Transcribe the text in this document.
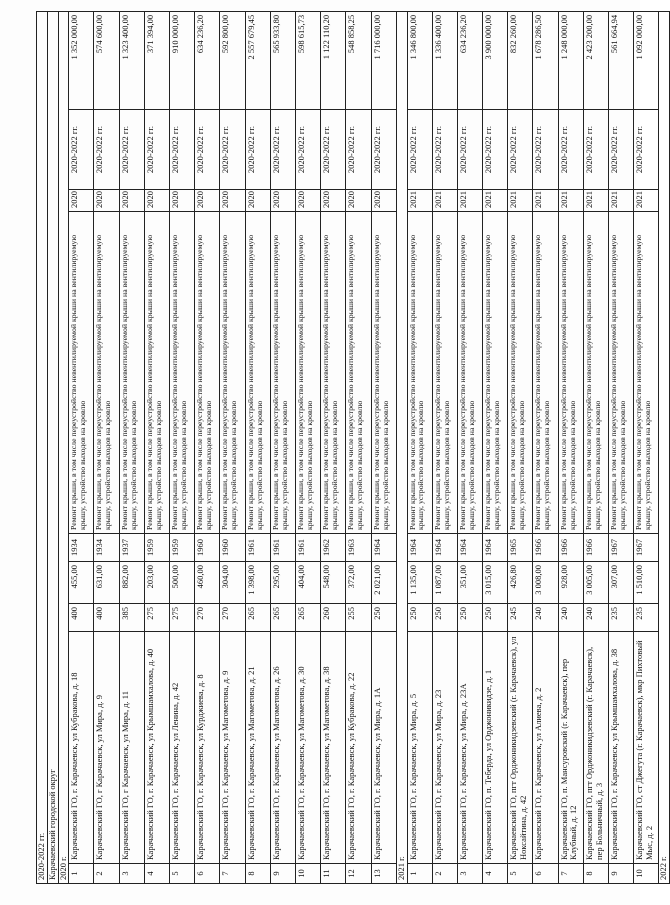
2020-2022 гг.								
Карачаевский городской округ								
2020 г.								
1	Карачаевский ГО, г. Карачаевск, ул Кубракова, д. 18	400	455,00	1934	Ремонт крыши, в том числе переустройство невентилируемой крыши на вентилируемую крышу, устройство выходов на кровлю	2020	2020-2022 гг.	1 352 000,00
2	Карачаевский ГО, г Карачаевск, ул Мира, д. 9	400	631,00	1934	Ремонт крыши, в том числе переустройство невентилируемой крыши на вентилируемую крышу, устройство выходов на кровлю	2020	2020-2022 гг.	574 600,00
3	Карачаевский ГО, г Карачаевск, ул Мира, д. 11	385	882,00	1937	Ремонт крыши, в том числе переустройство невентилируемой крыши на вентилируемую крышу, устройство выходов на кровлю	2020	2020-2022 гг.	1 323 400,00
4	Карачаевский ГО, г. Карачаевск, ул Крымшамхалова, д. 40	275	203,00	1959	Ремонт крыши, в том числе переустройство невентилируемой крыши на вентилируемую крышу, устройство выходов на кровлю	2020	2020-2022 гг.	371 394,00
5	Карачаевский ГО, г. Карачаевск, ул Ленина, д. 42	275	500,00	1959	Ремонт крыши, в том числе переустройство невентилируемой крыши на вентилируемую крышу, устройство выходов на кровлю	2020	2020-2022 гг.	910 000,00
6	Карачаевский ГО, г. Карачаевск, ул Курджиева, д. 8	270	460,00	1960	Ремонт крыши, в том числе переустройство невентилируемой крыши на вентилируемую крышу, устройство выходов на кровлю	2020	2020-2022 гг.	634 236,20
7	Карачаевский ГО, г. Карачаевск, ул Магометова, д. 9	270	304,00	1960	Ремонт крыши, в том числе переустройство невентилируемой крыши на вентилируемую крышу, устройство выходов на кровлю	2020	2020-2022 гг.	592 800,00
8	Карачаевский ГО, г. Карачаевск, ул Магометова, д. 21	265	1 398,00	1961	Ремонт крыши, в том числе переустройство невентилируемой крыши на вентилируемую крышу, устройство выходов на кровлю	2020	2020-2022 гг.	2 557 679,45
9	Карачаевский ГО, г. Карачаевск, ул Магометова, д. 26	265	295,00	1961	Ремонт крыши, в том числе переустройство невентилируемой крыши на вентилируемую крышу, устройство выходов на кровлю	2020	2020-2022 гг.	565 933,80
10	Карачаевский ГО, г. Карачаевск, ул Магометова, д. 30	265	404,00	1961	Ремонт крыши, в том числе переустройство невентилируемой крыши на вентилируемую крышу, устройство выходов на кровлю	2020	2020-2022 гг.	598 615,73
11	Карачаевский ГО, г. Карачаевск, ул Магометова, д. 38	260	548,00	1962	Ремонт крыши, в том числе переустройство невентилируемой крыши на вентилируемую крышу, устройство выходов на кровлю	2020	2020-2022 гг.	1 122 110,20
12	Карачаевский ГО, г. Карачаевск, ул Кубракова, д. 22	255	372,00	1963	Ремонт крыши, в том числе переустройство невентилируемой крыши на вентилируемую крышу, устройство выходов на кровлю	2020	2020-2022 гг.	548 858,25
13	Карачаевский ГО, г. Карачаевск, ул Мира, д. 1А	250	2 021,00	1964	Ремонт крыши, в том числе переустройство невентилируемой крыши на вентилируемую крышу, устройство выходов на кровлю	2020	2020-2022 гг.	1 716 000,00
2021 г.								
1	Карачаевский ГО, г. Карачаевск, ул Мира, д. 5	250	1 135,00	1964	Ремонт крыши, в том числе переустройство невентилируемой крыши на вентилируемую крышу, устройство выходов на кровлю	2021	2020-2022 гг.	1 346 800,00
2	Карачаевский ГО, г. Карачаевск, ул Мира, д. 23	250	1 087,00	1964	Ремонт крыши, в том числе переустройство невентилируемой крыши на вентилируемую крышу, устройство выходов на кровлю	2021	2020-2022 гг.	1 336 400,00
3	Карачаевский ГО, г. Карачаевск, ул Мира, д. 23А	250	351,00	1964	Ремонт крыши, в том числе переустройство невентилируемой крыши на вентилируемую крышу, устройство выходов на кровлю	2021	2020-2022 гг.	634 236,20
4	Карачаевский ГО, п. Теберда, ул Орджоникидзе, д. 1	250	3 015,00	1964	Ремонт крыши, в том числе переустройство невентилируемой крыши на вентилируемую крышу, устройство выходов на кровлю	2021	2020-2022 гг.	3 900 000,00
5	Карачаевский ГО, пгт Орджоникидзевский (г. Карачаевск), ул Ноксайтина, д. 42	245	426,80	1965	Ремонт крыши, в том числе переустройство невентилируемой крыши на вентилируемую крышу, устройство выходов на кровлю	2021	2020-2022 гг.	832 260,00
6	Карачаевский ГО, г. Карачаевск, ул Алиева, д. 2	240	3 008,00	1966	Ремонт крыши, в том числе переустройство невентилируемой крыши на вентилируемую крышу, устройство выходов на кровлю	2021	2020-2022 гг.	1 678 286,50
7	Карачаевский ГО, п. Мансуровский (г. Карачаевск), пер Клубный, д. 12	240	928,00	1966	Ремонт крыши, в том числе переустройство невентилируемой крыши на вентилируемую крышу, устройство выходов на кровлю	2021	2020-2022 гг.	1 248 000,00
8	Карачаевский ГО, пгт Орджоникидзевский (г. Карачаевск), пер Больничный, д. 3	240	3 005,00	1966	Ремонт крыши, в том числе переустройство невентилируемой крыши на вентилируемую крышу, устройство выходов на кровлю	2021	2020-2022 гг.	2 423 200,00
9	Карачаевский ГО, г. Карачаевск, ул Крымшамхалова, д. 38	235	307,00	1967	Ремонт крыши, в том числе переустройство невентилируемой крыши на вентилируемую крышу, устройство выходов на кровлю	2021	2020-2022 гг.	561 664,94
10	Карачаевский ГО, ст Джегута (г. Карачаевск), мкр Пихтовый Мыс, д. 2	235	1 510,00	1967	Ремонт крыши, в том числе переустройство невентилируемой крыши на вентилируемую крышу, устройство выходов на кровлю	2021	2020-2022 гг.	1 092 000,00
2022 г.								
